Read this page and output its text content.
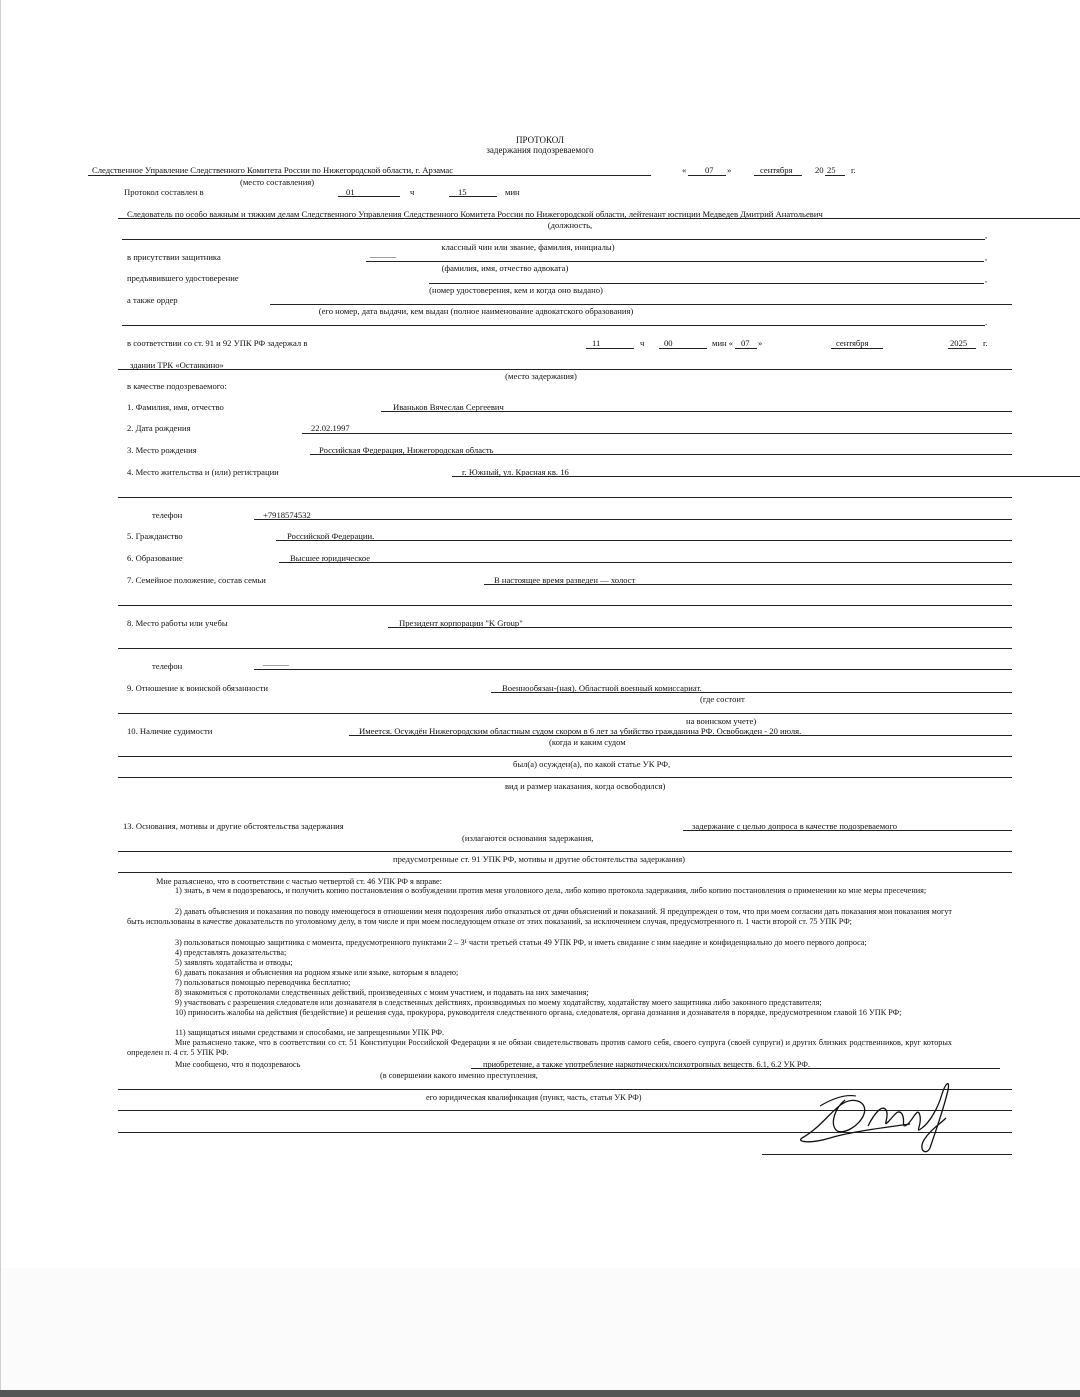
ПРОТОКОЛ
задержания подозреваемого
Следственное Управление Следственного Комитета России по Нижегородской области, г. Арзамас
(место составления)
« 07 »	сентября	20 25 г.
Протокол составлен в	01	ч	15	мин
Следователь по особо важным и тяжким делам Следственного Управления Следственного Комитета России по Нижегородской области, лейтенант юстиции Медведев Дмитрий Анатольевич
(должность,
,
классный чин или звание, фамилия, инициалы)
в присутствии защитника	———	,
(фамилия, имя, отчество адвоката)
предъявившего удостоверение	,
(номер удостоверения, кем и когда оно выдано)
а также ордер
(его номер, дата выдачи, кем выдан (полное наименование адвокатского образования)
.
в соответствии со ст. 91 и 92 УПК РФ задержал в	11	ч 00	мин « 07 »	сентября	2025 г.
здании ТРК «Останкино»
(место задержания)
в качестве подозреваемого:
1. Фамилия, имя, отчество	Иваньков Вячеслав Сергеевич
2. Дата рождения	22.02.1997
3. Место рождения	Российская Федерация, Нижегородская область
4. Место жительства и (или) регистрации	г. Южный, ул. Красная кв. 16
телефон	+7918574532
5. Гражданство	Российской Федерации.
6. Образование	Высшее юридическое
7. Семейное положение, состав семьи	В настоящее время разведен — холост
8. Место работы или учебы	Президент корпорации "K Group"
телефон	———
9. Отношение к воинской обязанности	Военнообязан-(ная). Областной военный комиссариат.
(где состоит
на воинском учете)
10. Наличие судимости	Имеется. Осуждён Нижегородским областным судом скором в 6 лет за убийство гражданина РФ. Освобожден - 20 июля.
(когда и каким судом
был(а) осужден(а), по какой статье УК РФ,
вид и размер наказания, когда освободился)
13. Основания, мотивы и другие обстоятельства задержания	задержание с целью допроса в качестве подозреваемого
(излагаются основания задержания,
предусмотренные ст. 91 УПК РФ, мотивы и другие обстоятельства задержания)
Мне разъяснено, что в соответствии с частью четвертой ст. 46 УПК РФ я вправе:
1) знать, в чем я подозреваюсь, и получить копию постановления о возбуждении против меня уголовного дела, либо копию протокола задержания, либо копию постановления о применении ко мне меры пресечения;
2) давать объяснения и показания по поводу имеющегося в отношении меня подозрения либо отказаться от дачи объяснений и показаний. Я предупрежден о том, что при моем согласии дать показания мои показания могут быть использованы в качестве доказательств по уголовному делу, в том числе и при моем последующем отказе от этих показаний, за исключением случая, предусмотренного п. 1 части второй ст. 75 УПК РФ;
3) пользоваться помощью защитника с момента, предусмотренного пунктами 2 – 3¹ части третьей статьи 49 УПК РФ, и иметь свидание с ним наедине и конфиденциально до моего первого допроса;
4) представлять доказательства;
5) заявлять ходатайства и отводы;
6) давать показания и объяснения на родном языке или языке, которым я владею;
7) пользоваться помощью переводчика бесплатно;
8) знакомиться с протоколами следственных действий, произведенных с моим участием, и подавать на них замечания;
9) участвовать с разрешения следователя или дознавателя в следственных действиях, производимых по моему ходатайству, ходатайству моего защитника либо законного представителя;
10) приносить жалобы на действия (бездействие) и решения суда, прокурора, руководителя следственного органа, следователя, органа дознания и дознавателя в порядке, предусмотренном главой 16 УПК РФ;
11) защищаться иными средствами и способами, не запрещенными УПК РФ.
Мне разъяснено также, что в соответствии со ст. 51 Конституции Российской Федерации я не обязан свидетельствовать против самого себя, своего супруга (своей супруги) и других близких родственников, круг которых определен п. 4 ст. 5 УПК РФ.
Мне сообщено, что я подозреваюсь	приобретение, а также употребление наркотических/психотропных веществ. 6.1, 6.2 УК РФ.
(в совершении какого именно преступления,
его юридическая квалификация (пункт, часть, статья УК РФ)
